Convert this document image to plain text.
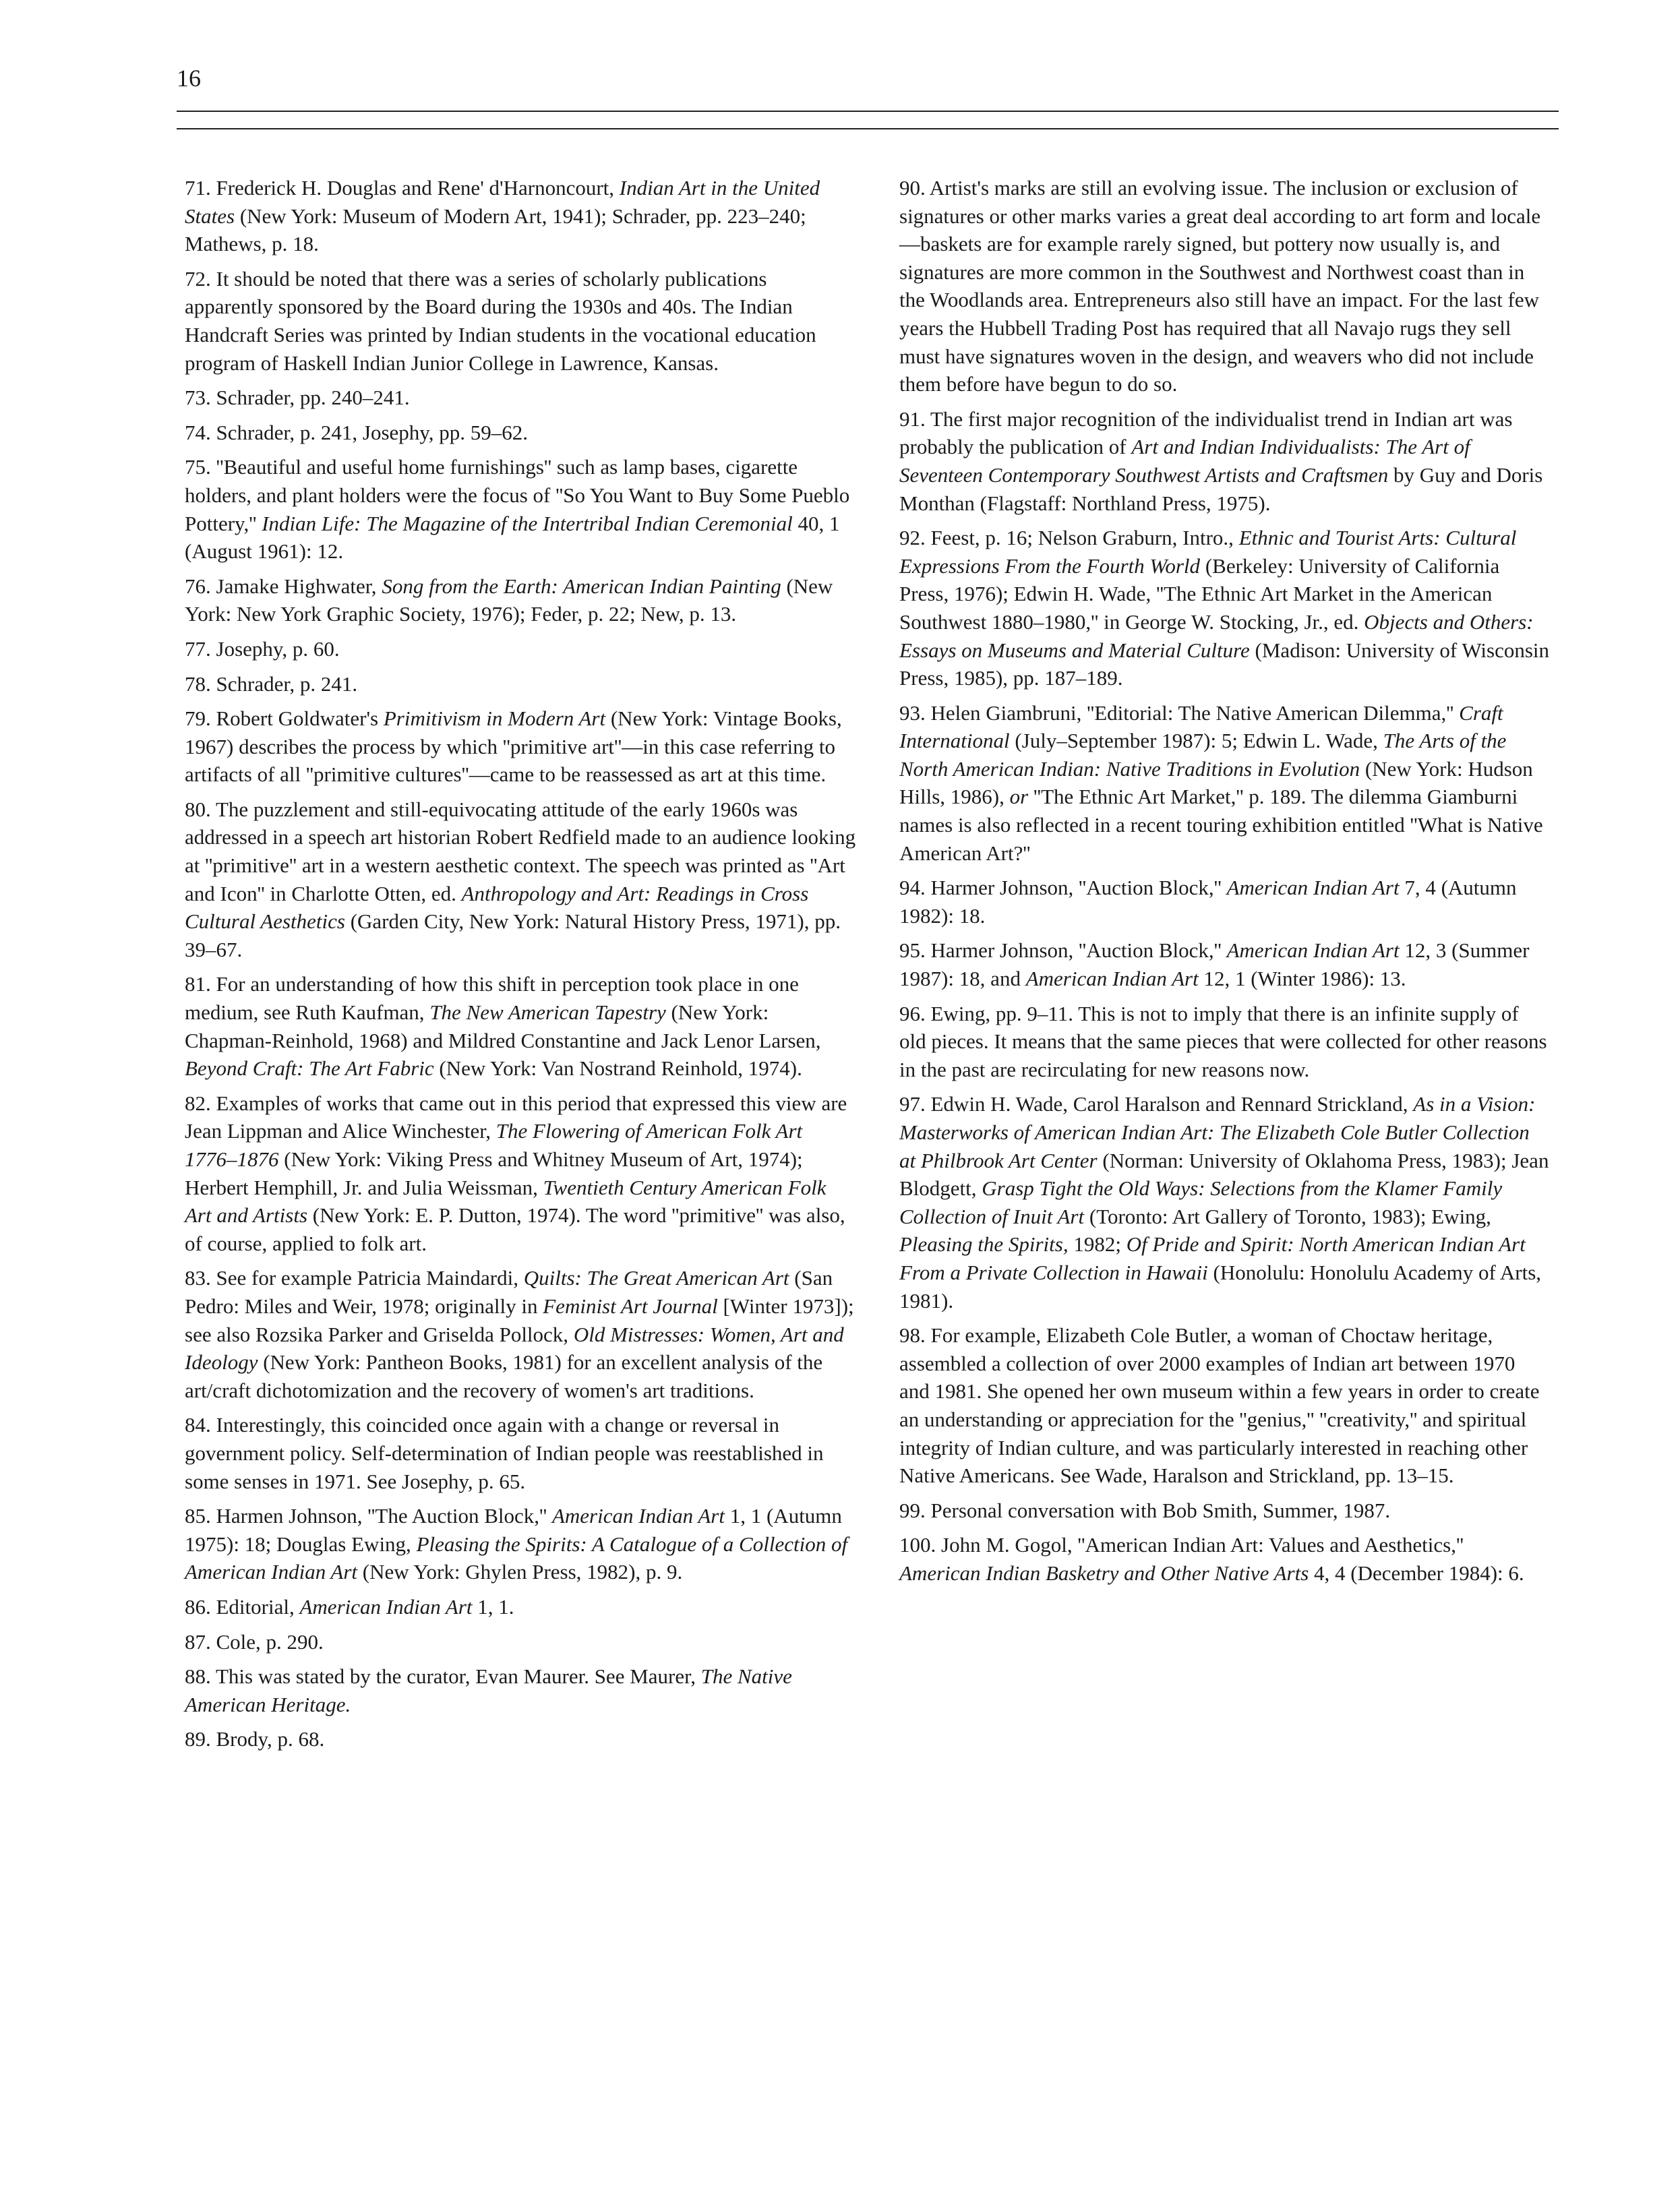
16

71. Frederick H. Douglas and Rene' d'Harnoncourt, Indian Art in the United States (New York: Museum of Modern Art, 1941); Schrader, pp. 223–240; Mathews, p. 18.

72. It should be noted that there was a series of scholarly publications apparently sponsored by the Board during the 1930s and 40s. The Indian Handcraft Series was printed by Indian students in the vocational education program of Haskell Indian Junior College in Lawrence, Kansas.

73. Schrader, pp. 240–241.

74. Schrader, p. 241, Josephy, pp. 59–62.

75. ''Beautiful and useful home furnishings'' such as lamp bases, cigarette holders, and plant holders were the focus of ''So You Want to Buy Some Pueblo Pottery,'' Indian Life: The Magazine of the Intertribal Indian Ceremonial 40, 1 (August 1961): 12.

76. Jamake Highwater, Song from the Earth: American Indian Painting (New York: New York Graphic Society, 1976); Feder, p. 22; New, p. 13.

77. Josephy, p. 60.

78. Schrader, p. 241.

79. Robert Goldwater's Primitivism in Modern Art (New York: Vintage Books, 1967) describes the process by which ''primitive art''—in this case referring to artifacts of all ''primitive cultures''—came to be reassessed as art at this time.

80. The puzzlement and still-equivocating attitude of the early 1960s was addressed in a speech art historian Robert Redfield made to an audience looking at ''primitive'' art in a western aesthetic context. The speech was printed as ''Art and Icon'' in Charlotte Otten, ed. Anthropology and Art: Readings in Cross Cultural Aesthetics (Garden City, New York: Natural History Press, 1971), pp. 39–67.

81. For an understanding of how this shift in perception took place in one medium, see Ruth Kaufman, The New American Tapestry (New York: Chapman-Reinhold, 1968) and Mildred Constantine and Jack Lenor Larsen, Beyond Craft: The Art Fabric (New York: Van Nostrand Reinhold, 1974).

82. Examples of works that came out in this period that expressed this view are Jean Lippman and Alice Winchester, The Flowering of American Folk Art 1776–1876 (New York: Viking Press and Whitney Museum of Art, 1974); Herbert Hemphill, Jr. and Julia Weissman, Twentieth Century American Folk Art and Artists (New York: E. P. Dutton, 1974). The word ''primitive'' was also, of course, applied to folk art.

83. See for example Patricia Maindardi, Quilts: The Great American Art (San Pedro: Miles and Weir, 1978; originally in Feminist Art Journal [Winter 1973]); see also Rozsika Parker and Griselda Pollock, Old Mistresses: Women, Art and Ideology (New York: Pantheon Books, 1981) for an excellent analysis of the art/craft dichotomization and the recovery of women's art traditions.

84. Interestingly, this coincided once again with a change or reversal in government policy. Self-determination of Indian people was reestablished in some senses in 1971. See Josephy, p. 65.

85. Harmen Johnson, ''The Auction Block,'' American Indian Art 1, 1 (Autumn 1975): 18; Douglas Ewing, Pleasing the Spirits: A Catalogue of a Collection of American Indian Art (New York: Ghylen Press, 1982), p. 9.

86. Editorial, American Indian Art 1, 1.

87. Cole, p. 290.

88. This was stated by the curator, Evan Maurer. See Maurer, The Native American Heritage.

89. Brody, p. 68.

90. Artist's marks are still an evolving issue. The inclusion or exclusion of signatures or other marks varies a great deal according to art form and locale—baskets are for example rarely signed, but pottery now usually is, and signatures are more common in the Southwest and Northwest coast than in the Woodlands area. Entrepreneurs also still have an impact. For the last few years the Hubbell Trading Post has required that all Navajo rugs they sell must have signatures woven in the design, and weavers who did not include them before have begun to do so.

91. The first major recognition of the individualist trend in Indian art was probably the publication of Art and Indian Individualists: The Art of Seventeen Contemporary Southwest Artists and Craftsmen by Guy and Doris Monthan (Flagstaff: Northland Press, 1975).

92. Feest, p. 16; Nelson Graburn, Intro., Ethnic and Tourist Arts: Cultural Expressions From the Fourth World (Berkeley: University of California Press, 1976); Edwin H. Wade, ''The Ethnic Art Market in the American Southwest 1880–1980,'' in George W. Stocking, Jr., ed. Objects and Others: Essays on Museums and Material Culture (Madison: University of Wisconsin Press, 1985), pp. 187–189.

93. Helen Giambruni, ''Editorial: The Native American Dilemma,'' Craft International (July–September 1987): 5; Edwin L. Wade, The Arts of the North American Indian: Native Traditions in Evolution (New York: Hudson Hills, 1986), or ''The Ethnic Art Market,'' p. 189. The dilemma Giamburni names is also reflected in a recent touring exhibition entitled ''What is Native American Art?''

94. Harmer Johnson, ''Auction Block,'' American Indian Art 7, 4 (Autumn 1982): 18.

95. Harmer Johnson, ''Auction Block,'' American Indian Art 12, 3 (Summer 1987): 18, and American Indian Art 12, 1 (Winter 1986): 13.

96. Ewing, pp. 9–11. This is not to imply that there is an infinite supply of old pieces. It means that the same pieces that were collected for other reasons in the past are recirculating for new reasons now.

97. Edwin H. Wade, Carol Haralson and Rennard Strickland, As in a Vision: Masterworks of American Indian Art: The Elizabeth Cole Butler Collection at Philbrook Art Center (Norman: University of Oklahoma Press, 1983); Jean Blodgett, Grasp Tight the Old Ways: Selections from the Klamer Family Collection of Inuit Art (Toronto: Art Gallery of Toronto, 1983); Ewing, Pleasing the Spirits, 1982; Of Pride and Spirit: North American Indian Art From a Private Collection in Hawaii (Honolulu: Honolulu Academy of Arts, 1981).

98. For example, Elizabeth Cole Butler, a woman of Choctaw heritage, assembled a collection of over 2000 examples of Indian art between 1970 and 1981. She opened her own museum within a few years in order to create an understanding or appreciation for the ''genius,'' ''creativity,'' and spiritual integrity of Indian culture, and was particularly interested in reaching other Native Americans. See Wade, Haralson and Strickland, pp. 13–15.

99. Personal conversation with Bob Smith, Summer, 1987.

100. John M. Gogol, ''American Indian Art: Values and Aesthetics,'' American Indian Basketry and Other Native Arts 4, 4 (December 1984): 6.
